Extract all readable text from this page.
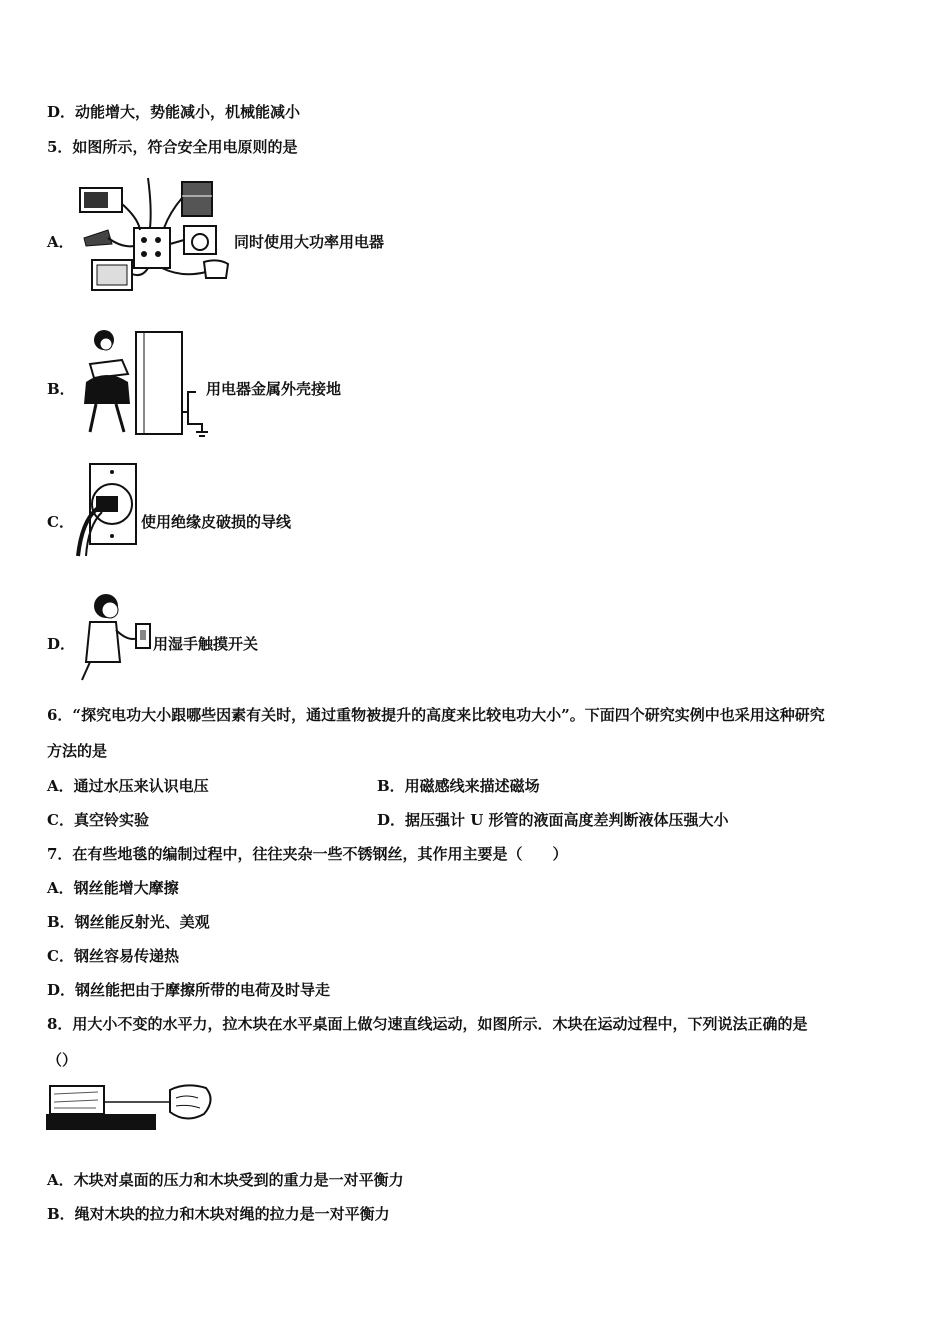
D．动能增大，势能减小，机械能减小
5．如图所示，符合安全用电原则的是
A．	同时使用大功率用电器
B．	用电器金属外壳接地
C．	使用绝缘皮破损的导线
D．	用湿手触摸开关
6．“探究电功大小跟哪些因素有关时，通过重物被提升的高度来比较电功大小”。下面四个研究实例中也采用这种研究
方法的是
A．通过水压来认识电压	B．用磁感线来描述磁场
C．真空铃实验	D．据压强计 U 形管的液面高度差判断液体压强大小
7．在有些地毯的编制过程中，往往夹杂一些不锈钢丝，其作用主要是（　　）
A．钢丝能增大摩擦
B．钢丝能反射光、美观
C．钢丝容易传递热
D．钢丝能把由于摩擦所带的电荷及时导走
8．用大小不变的水平力，拉木块在水平桌面上做匀速直线运动，如图所示．木块在运动过程中，下列说法正确的是
（）
A．木块对桌面的压力和木块受到的重力是一对平衡力
B．绳对木块的拉力和木块对绳的拉力是一对平衡力
